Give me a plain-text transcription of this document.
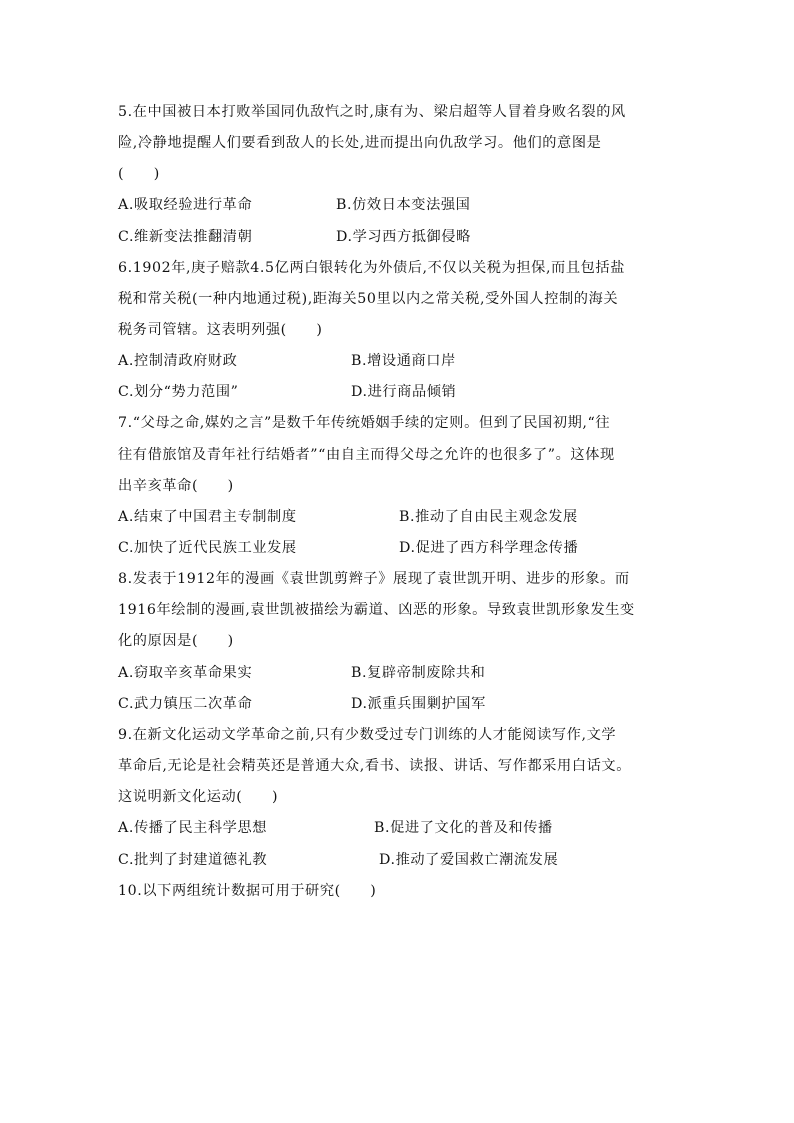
5.在中国被日本打败举国同仇敌忾之时,康有为、梁启超等人冒着身败名裂的风
险,冷静地提醒人们要看到敌人的长处,进而提出向仇敌学习。他们的意图是
(　　)
A.吸取经验进行革命	B.仿效日本变法强国
C.维新变法推翻清朝	D.学习西方抵御侵略
6.1902年,庚子赔款4.5亿两白银转化为外债后,不仅以关税为担保,而且包括盐
税和常关税(一种内地通过税),距海关50里以内之常关税,受外国人控制的海关
税务司管辖。这表明列强(　　)
A.控制清政府财政	B.增设通商口岸
C.划分“势力范围”	D.进行商品倾销
7.“父母之命,媒妁之言”是数千年传统婚姻手续的定则。但到了民国初期,“往
往有借旅馆及青年社行结婚者”“由自主而得父母之允许的也很多了”。这体现
出辛亥革命(　　)
A.结束了中国君主专制制度	B.推动了自由民主观念发展
C.加快了近代民族工业发展	D.促进了西方科学理念传播
8.发表于1912年的漫画《袁世凯剪辫子》展现了袁世凯开明、进步的形象。而
1916年绘制的漫画,袁世凯被描绘为霸道、凶恶的形象。导致袁世凯形象发生变
化的原因是(　　)
A.窃取辛亥革命果实	B.复辟帝制废除共和
C.武力镇压二次革命	D.派重兵围剿护国军
9.在新文化运动文学革命之前,只有少数受过专门训练的人才能阅读写作,文学
革命后,无论是社会精英还是普通大众,看书、读报、讲话、写作都采用白话文。
这说明新文化运动(　　)
A.传播了民主科学思想	B.促进了文化的普及和传播
C.批判了封建道德礼教	D.推动了爱国救亡潮流发展
10.以下两组统计数据可用于研究(　　)
